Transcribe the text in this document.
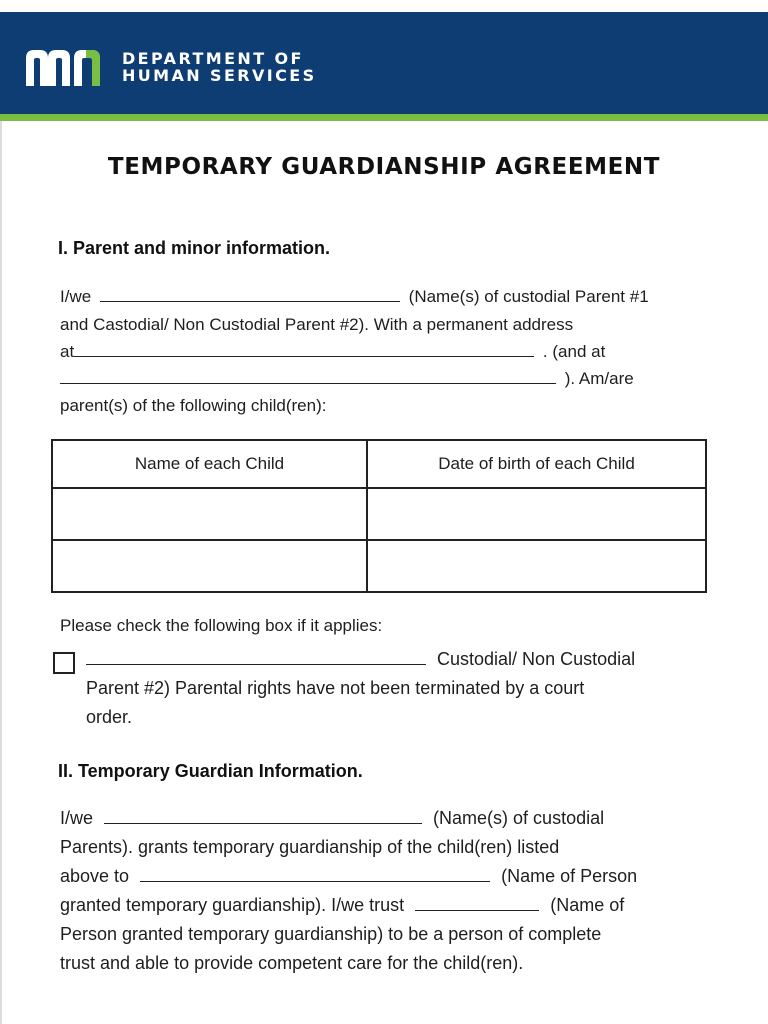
DEPARTMENT OF
HUMAN SERVICES
TEMPORARY GUARDIANSHIP AGREEMENT
I. Parent and minor information.
I/we	(Name(s) of custodial Parent #1
and Castodial/ Non Custodial Parent #2). With a permanent address
at	. (and at
). Am/are
parent(s) of the following child(ren):
Name of each Child	Date of birth of each Child

Please check the following box if it applies:
Custodial/ Non Custodial
Parent #2) Parental rights have not been terminated by a court
order.
II. Temporary Guardian Information.
I/we	(Name(s) of custodial
Parents). grants temporary guardianship of the child(ren) listed
above to	(Name of Person
granted temporary guardianship). I/we trust	(Name of
Person granted temporary guardianship) to be a person of complete
trust and able to provide competent care for the child(ren).
